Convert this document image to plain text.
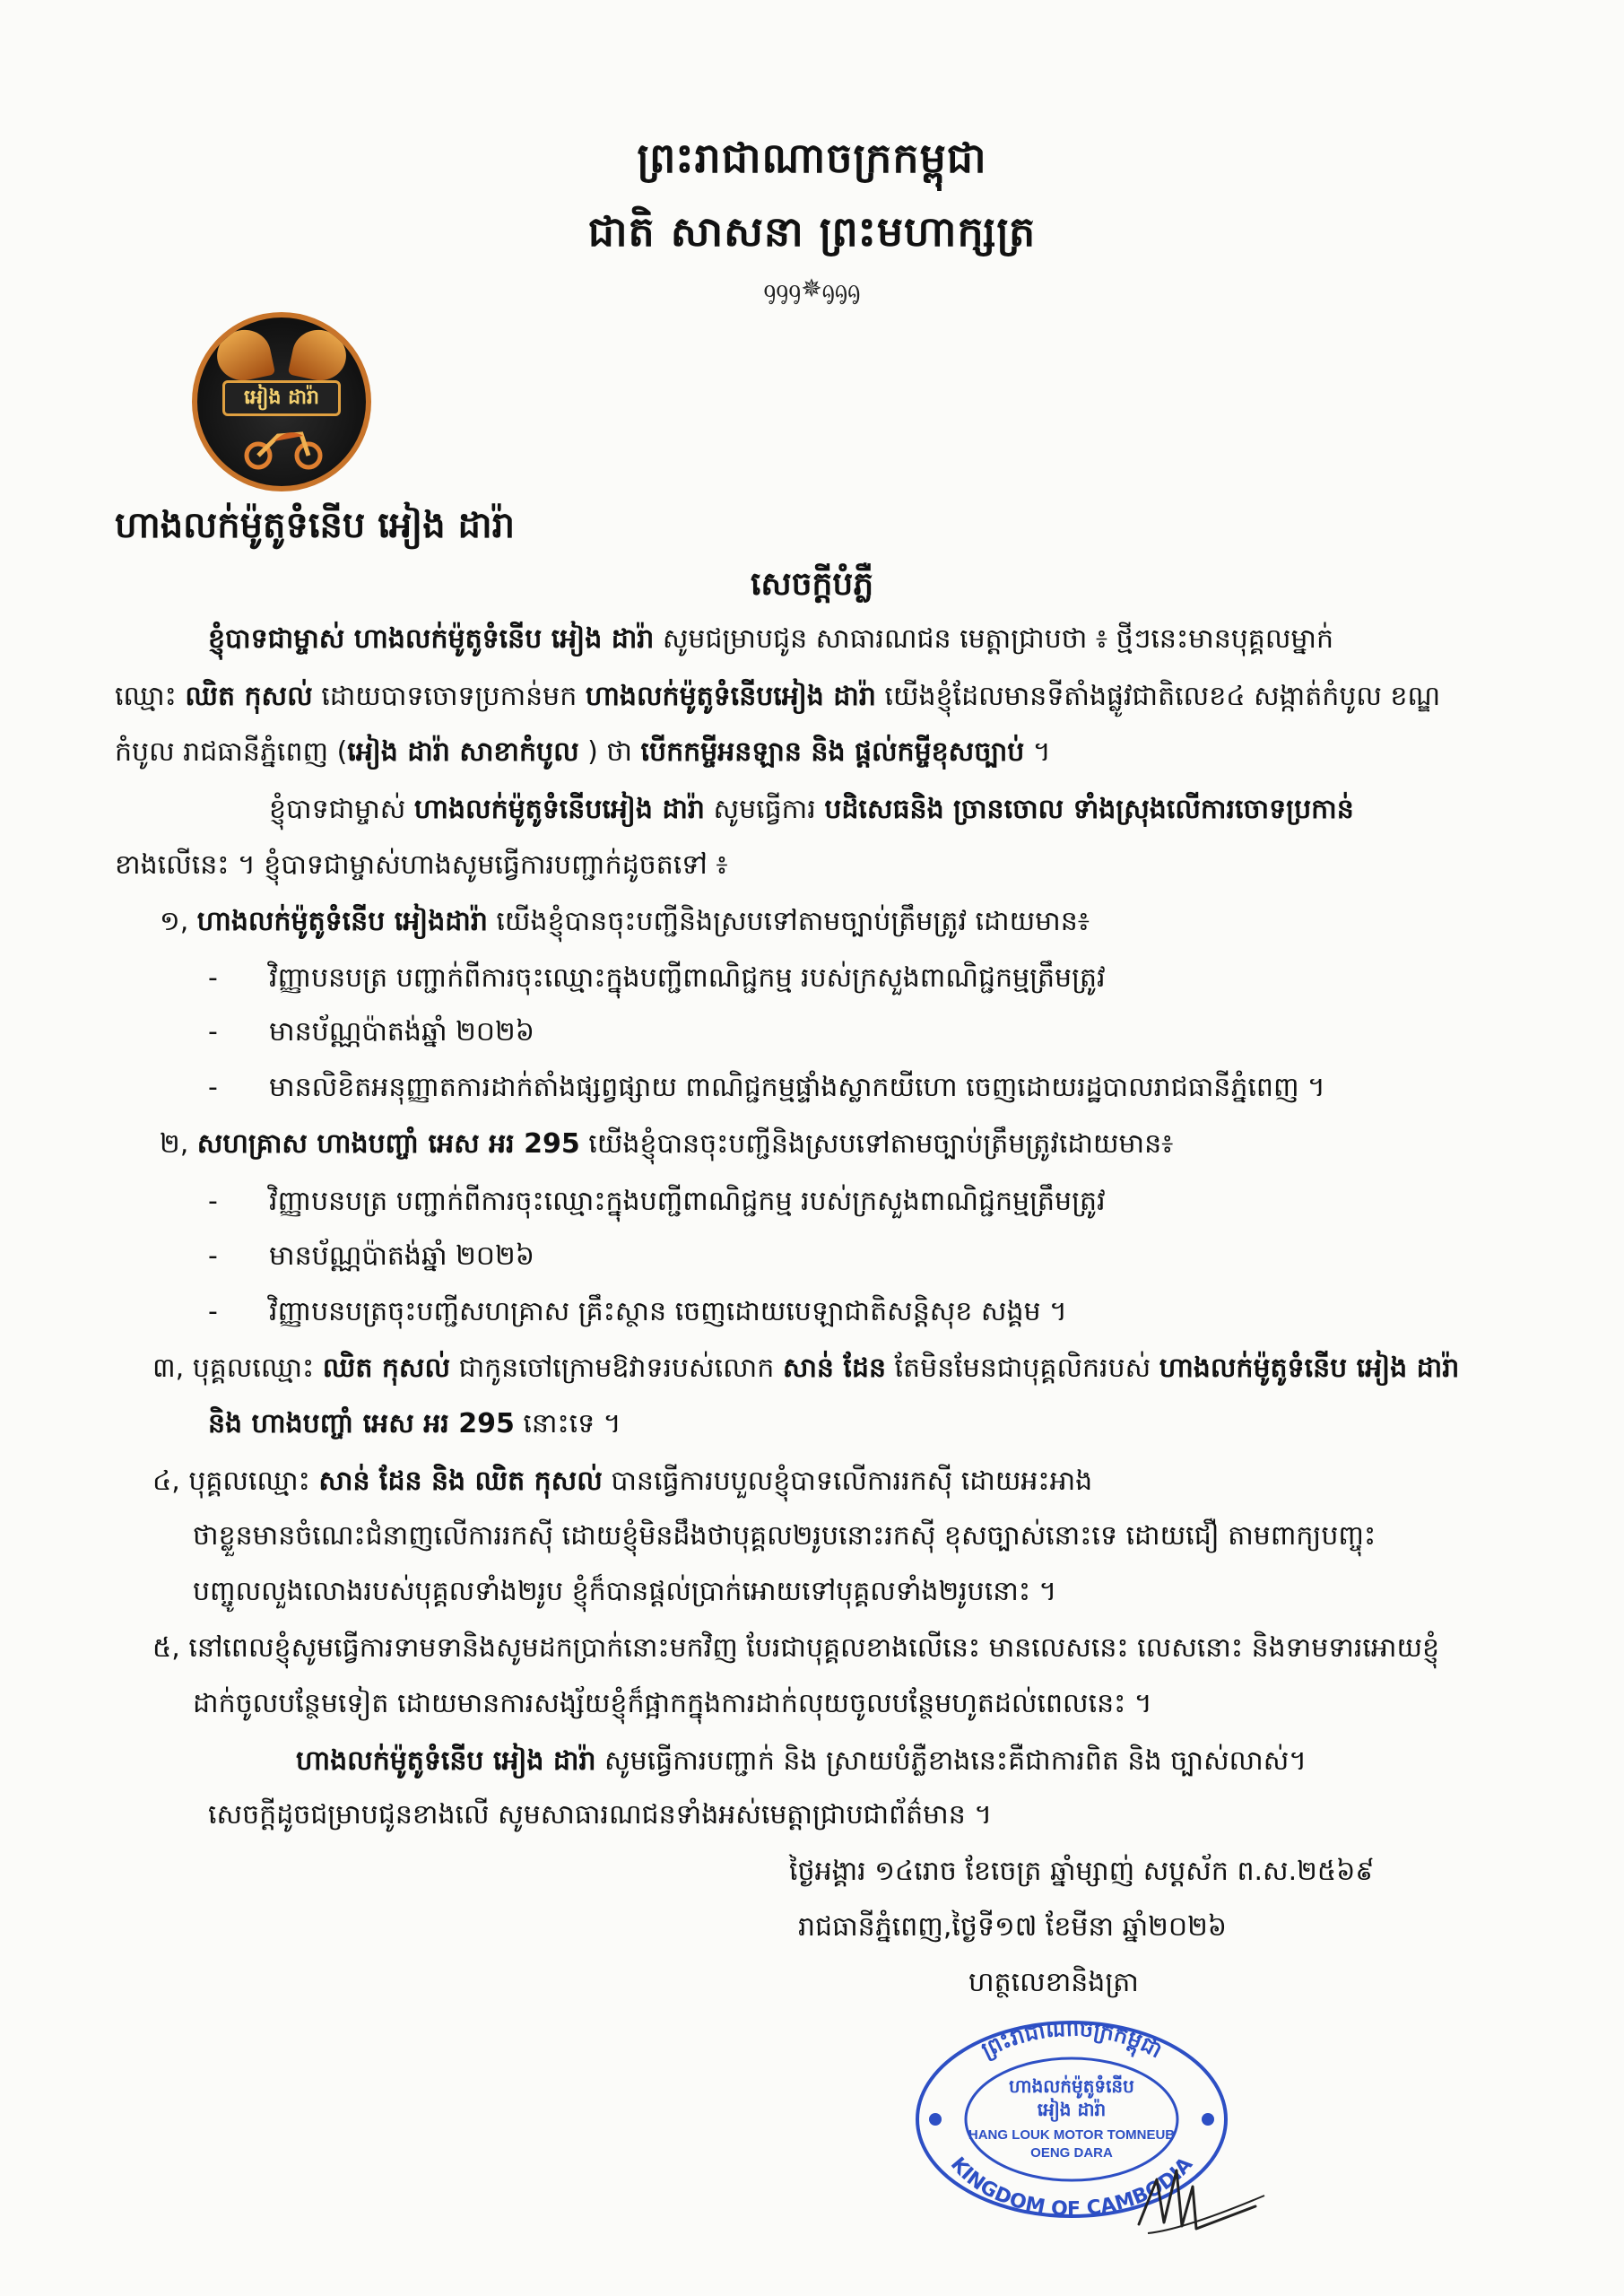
ព្រះរាជាណាចក្រកម្ពុជា
ជាតិ សាសនា ព្រះមហាក្សត្រ
ᧁᧁᧁ✵ᧂᧂᧂ
អៀង ដារ៉ា
ហាងលក់ម៉ូតូទំនើប អៀង ដារ៉ា
សេចក្ដីបំភ្លឺ
ខ្ញុំបាទជាម្ចាស់ ហាងលក់ម៉ូតូទំនើប អៀង ដារ៉ា សូមជម្រាបជូន សាធារណជន មេត្តាជ្រាបថា ៖ ថ្មីៗនេះមានបុគ្គលម្នាក់
ឈ្មោះ ឈិត កុសល់ ដោយបាទចោទប្រកាន់មក ហាងលក់ម៉ូតូទំនើបអៀង ដារ៉ា យើងខ្ញុំដែលមានទីតាំងផ្លូវជាតិលេខ៤ សង្កាត់កំបូល ខណ្ឌ
កំបូល រាជធានីភ្នំពេញ (អៀង ដារ៉ា សាខាកំបូល ) ថា បើកកម្ចីអនឡាន និង ផ្ដល់កម្ចីខុសច្បាប់ ។
ខ្ញុំបាទជាម្ចាស់ ហាងលក់ម៉ូតូទំនើបអៀង ដារ៉ា សូមធ្វើការ បដិសេធនិង ច្រានចោល ទាំងស្រុងលើការចោទប្រកាន់
ខាងលើនេះ ។ ខ្ញុំបាទជាម្ចាស់ហាងសូមធ្វើការបញ្ជាក់ដូចតទៅ ៖
១, ហាងលក់ម៉ូតូទំនើប អៀងដារ៉ា យើងខ្ញុំបានចុះបញ្ជីនិងស្របទៅតាមច្បាប់ត្រឹមត្រូវ ដោយមាន៖
- វិញ្ញាបនបត្រ បញ្ជាក់ពីការចុះឈ្មោះក្នុងបញ្ជីពាណិជ្ជកម្ម របស់ក្រសួងពាណិជ្ជកម្មត្រឹមត្រូវ
- មានប័ណ្ណប៉ាតង់ឆ្នាំ ២០២៦
- មានលិខិតអនុញ្ញាតការដាក់តាំងផ្សព្វផ្សាយ ពាណិជ្ជកម្មផ្ទាំងស្លាកយីហោ ចេញដោយរដ្ឋបាលរាជធានីភ្នំពេញ ។
២, សហគ្រាស ហាងបញ្ចាំ អេស អរ 295 យើងខ្ញុំបានចុះបញ្ជីនិងស្របទៅតាមច្បាប់ត្រឹមត្រូវដោយមាន៖
- វិញ្ញាបនបត្រ បញ្ជាក់ពីការចុះឈ្មោះក្នុងបញ្ជីពាណិជ្ជកម្ម របស់ក្រសួងពាណិជ្ជកម្មត្រឹមត្រូវ
- មានប័ណ្ណប៉ាតង់ឆ្នាំ ២០២៦
- វិញ្ញាបនបត្រចុះបញ្ជីសហគ្រាស គ្រឹះស្ថាន ចេញដោយបេឡាជាតិសន្តិសុខ សង្គម ។
៣, បុគ្គលឈ្មោះ ឈិត កុសល់ ជាកូនចៅក្រោមឱវាទរបស់លោក សាន់ ដែន តែមិនមែនជាបុគ្គលិករបស់ ហាងលក់ម៉ូតូទំនើប អៀង ដារ៉ា
និង ហាងបញ្ចាំ អេស អរ 295 នោះទេ ។
៤, បុគ្គលឈ្មោះ សាន់ ដែន និង ឈិត កុសល់ បានធ្វើការបបួលខ្ញុំបាទលើការរកស៊ី ដោយអះអាង
ថាខ្លួនមានចំណេះជំនាញលើការរកស៊ី ដោយខ្ញុំមិនដឹងថាបុគ្គល២រូបនោះរកស៊ី ខុសច្បាស់នោះទេ ដោយជឿ តាមពាក្យបញ្ចុះ
បញ្ចូលលួងលោងរបស់បុគ្គលទាំង២រូប ខ្ញុំក៏បានផ្ដល់ប្រាក់អោយទៅបុគ្គលទាំង២រូបនោះ ។
៥, នៅពេលខ្ញុំសូមធ្វើការទាមទានិងសូមដកប្រាក់នោះមកវិញ បែរជាបុគ្គលខាងលើនេះ មានលេសនេះ លេសនោះ និងទាមទារអោយខ្ញុំ
ដាក់ចូលបន្ថែមទៀត ដោយមានការសង្ស័យខ្ញុំក៏ផ្អាកក្នុងការដាក់លុយចូលបន្ថែមហូតដល់ពេលនេះ ។
ហាងលក់ម៉ូតូទំនើប អៀង ដារ៉ា សូមធ្វើការបញ្ជាក់ និង ស្រាយបំភ្លឺខាងនេះគឺជាការពិត និង ច្បាស់លាស់។
សេចក្ដីដូចជម្រាបជូនខាងលើ សូមសាធារណជនទាំងអស់មេត្តាជ្រាបជាព័ត៌មាន ។
ថ្ងៃអង្គារ ១៤រោច ខែចេត្រ ឆ្នាំម្សាញ់ សប្តស័ក ព.ស.២៥៦៩
រាជធានីភ្នំពេញ,ថ្ងៃទី១៧ ខែមីនា ឆ្នាំ២០២៦
ហត្ថលេខានិងត្រា
ព្រះរាជាណាចក្រកម្ពុជា
KINGDOM OF CAMBODIA
ហាងលក់ម៉ូតូទំនើប
អៀង ដារ៉ា
HANG LOUK MOTOR TOMNEUB
OENG DARA
